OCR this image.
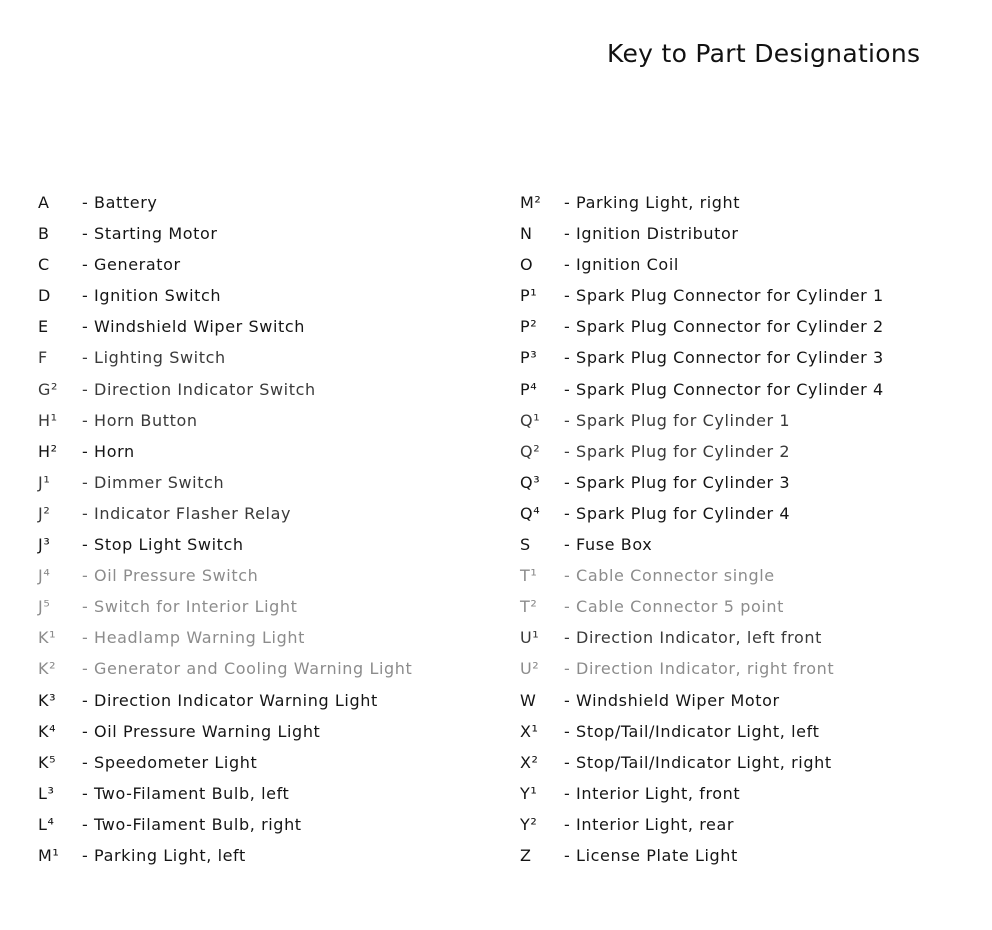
Key to Part Designations
A - Battery
B - Starting Motor
C - Generator
D - Ignition Switch
E - Windshield Wiper Switch
F - Lighting Switch
G² - Direction Indicator Switch
H¹ - Horn Button
H² - Horn
J¹ - Dimmer Switch
J² - Indicator Flasher Relay
J³ - Stop Light Switch
J⁴ - Oil Pressure Switch
J⁵ - Switch for Interior Light
K¹ - Headlamp Warning Light
K² - Generator and Cooling Warning Light
K³ - Direction Indicator Warning Light
K⁴ - Oil Pressure Warning Light
K⁵ - Speedometer Light
L³ - Two-Filament Bulb, left
L⁴ - Two-Filament Bulb, right
M¹ - Parking Light, left
M² - Parking Light, right
N - Ignition Distributor
O - Ignition Coil
P¹ - Spark Plug Connector for Cylinder 1
P² - Spark Plug Connector for Cylinder 2
P³ - Spark Plug Connector for Cylinder 3
P⁴ - Spark Plug Connector for Cylinder 4
Q¹ - Spark Plug for Cylinder 1
Q² - Spark Plug for Cylinder 2
Q³ - Spark Plug for Cylinder 3
Q⁴ - Spark Plug for Cylinder 4
S - Fuse Box
T¹ - Cable Connector single
T² - Cable Connector 5 point
U¹ - Direction Indicator, left front
U² - Direction Indicator, right front
W - Windshield Wiper Motor
X¹ - Stop/Tail/Indicator Light, left
X² - Stop/Tail/Indicator Light, right
Y¹ - Interior Light, front
Y² - Interior Light, rear
Z - License Plate Light
